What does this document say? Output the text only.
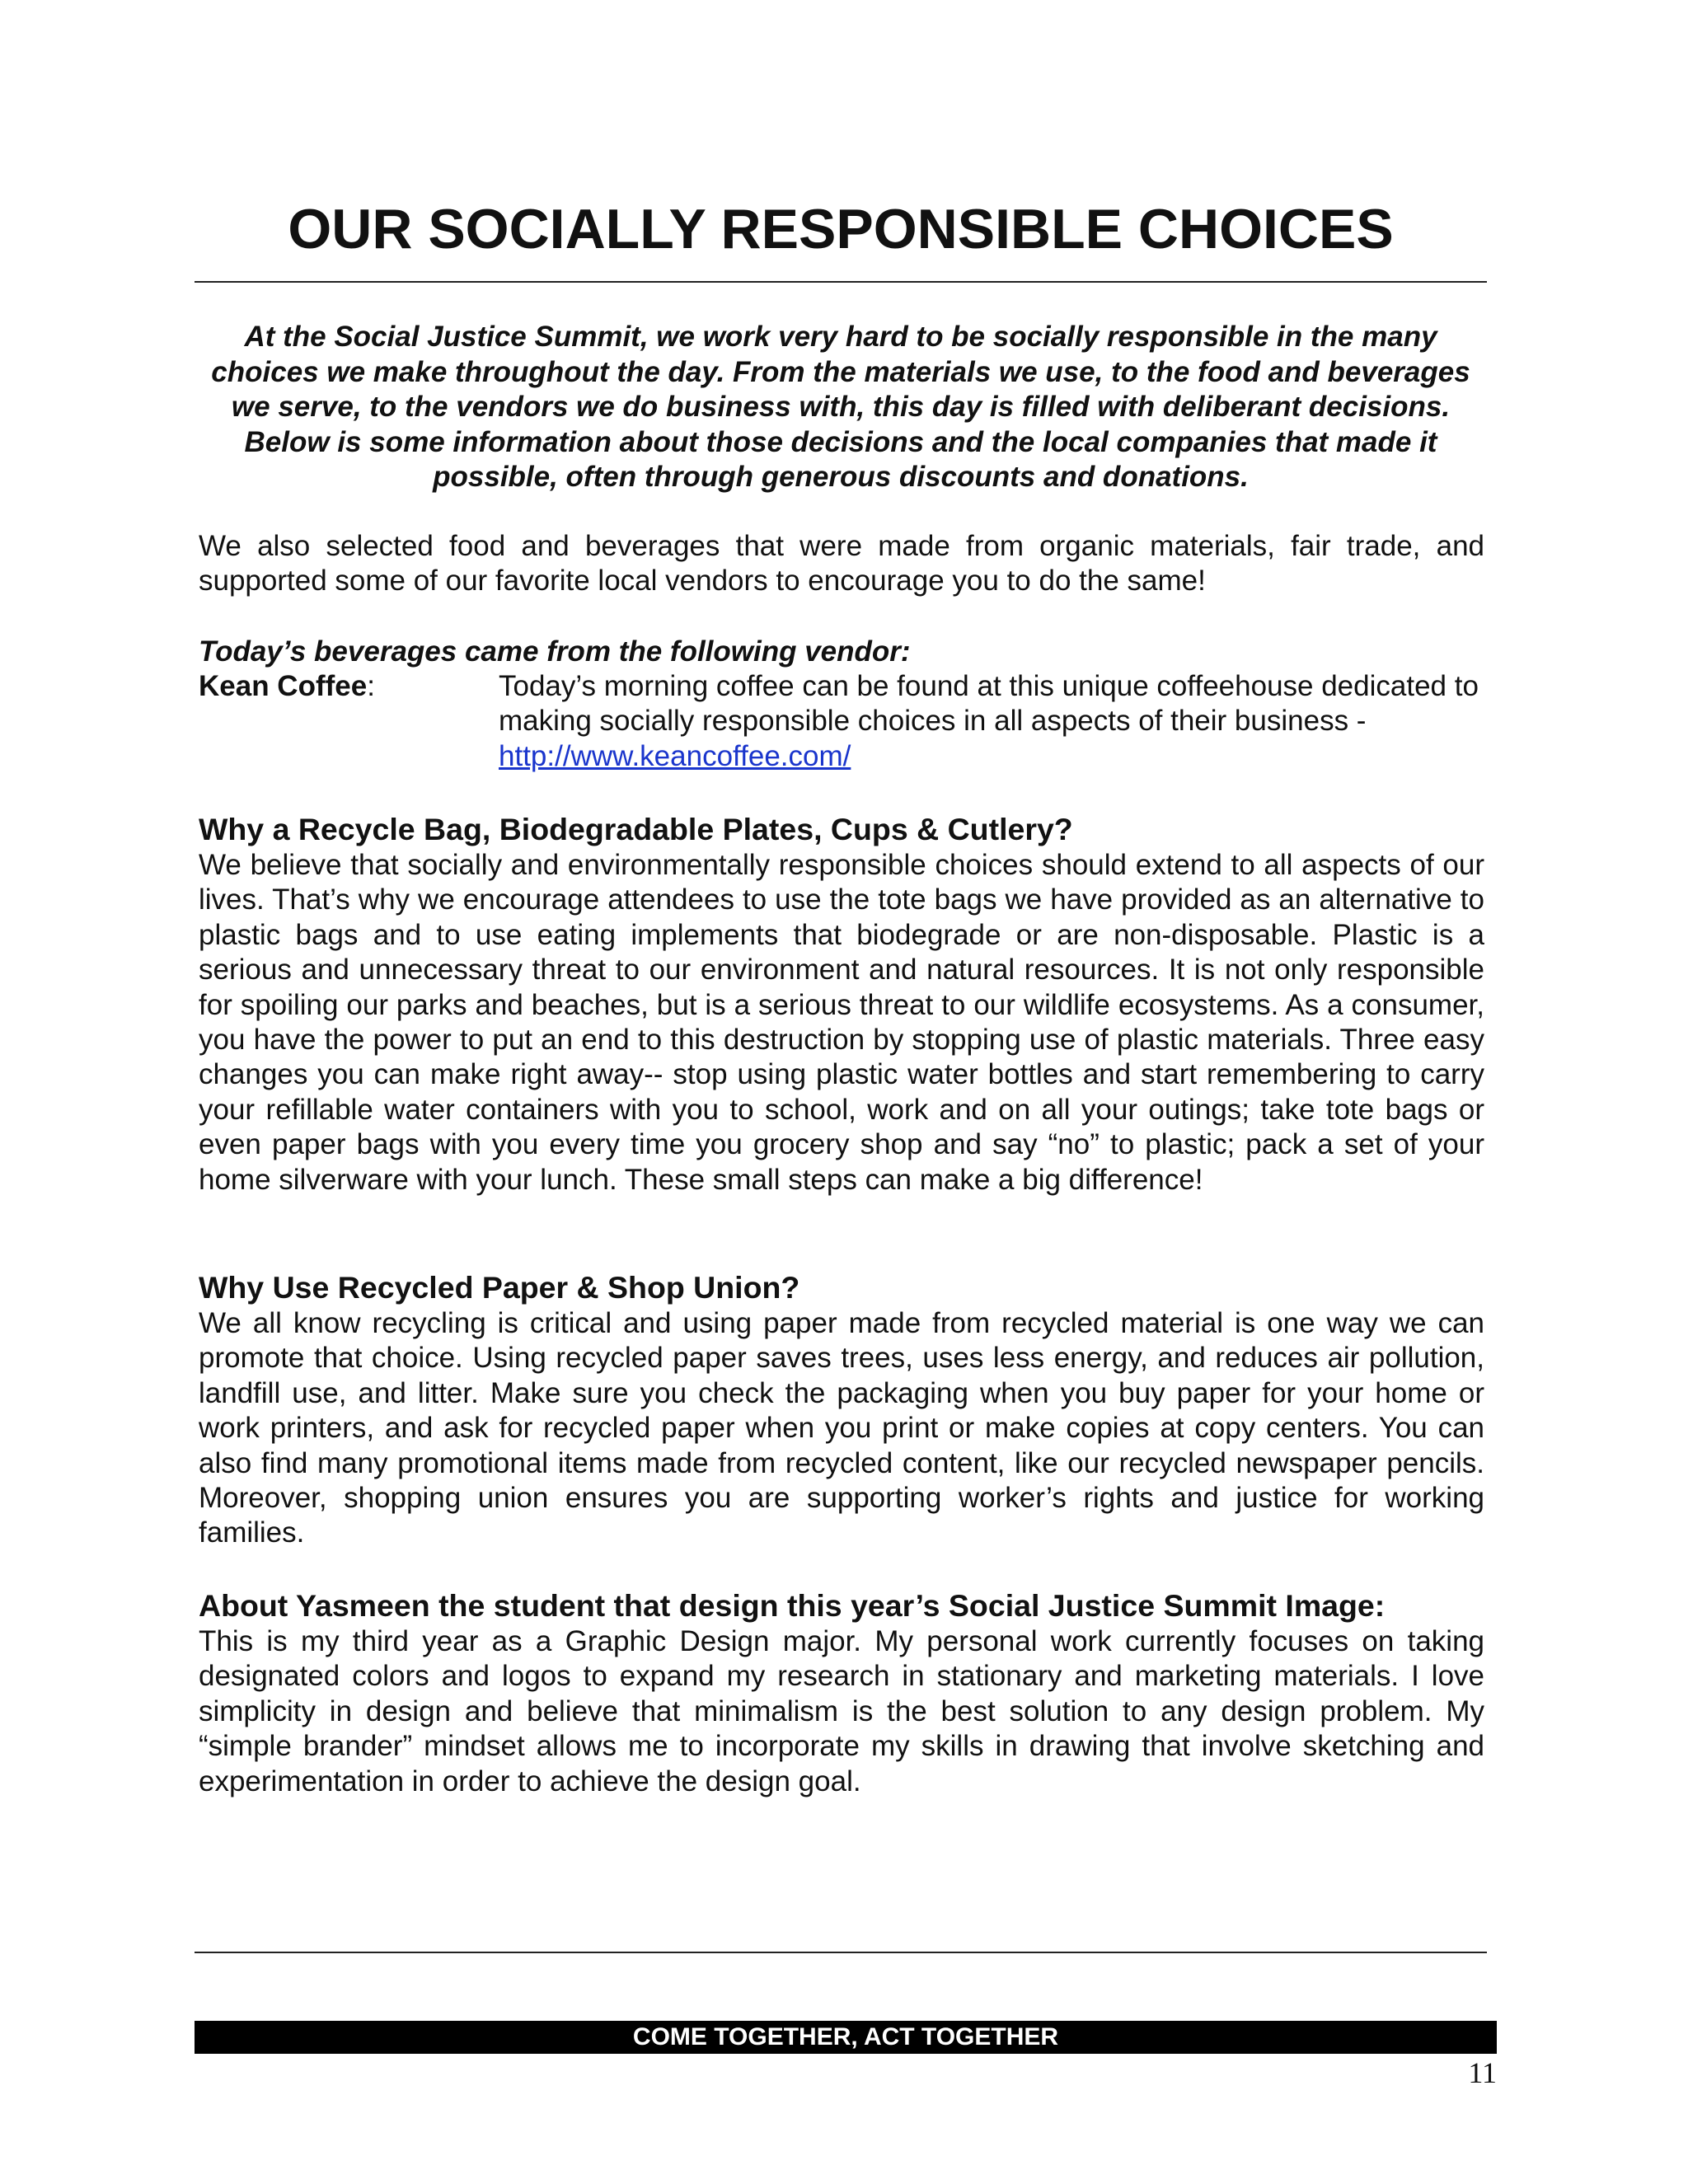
OUR SOCIALLY RESPONSIBLE CHOICES

At the Social Justice Summit, we work very hard to be socially responsible in the many choices we make throughout the day. From the materials we use, to the food and beverages we serve, to the vendors we do business with, this day is filled with deliberant decisions. Below is some information about those decisions and the local companies that made it possible, often through generous discounts and donations.

We also selected food and beverages that were made from organic materials, fair trade, and supported some of our favorite local vendors to encourage you to do the same!

Today’s beverages came from the following vendor:

Kean Coffee:	Today’s morning coffee can be found at this unique coffeehouse dedicated to making socially responsible choices in all aspects of their business - http://www.keancoffee.com/
Why a Recycle Bag, Biodegradable Plates, Cups & Cutlery?

We believe that socially and environmentally responsible choices should extend to all aspects of our lives. That’s why we encourage attendees to use the tote bags we have provided as an alternative to plastic bags and to use eating implements that biodegrade or are non-disposable. Plastic is a serious and unnecessary threat to our environment and natural resources. It is not only responsible for spoiling our parks and beaches, but is a serious threat to our wildlife ecosystems. As a consumer, you have the power to put an end to this destruction by stopping use of plastic materials. Three easy changes you can make right away-- stop using plastic water bottles and start remembering to carry your refillable water containers with you to school, work and on all your outings; take tote bags or even paper bags with you every time you grocery shop and say “no” to plastic; pack a set of your home silverware with your lunch. These small steps can make a big difference!

Why Use Recycled Paper & Shop Union?

We all know recycling is critical and using paper made from recycled material is one way we can promote that choice. Using recycled paper saves trees, uses less energy, and reduces air pollution, landfill use, and litter. Make sure you check the packaging when you buy paper for your home or work printers, and ask for recycled paper when you print or make copies at copy centers. You can also find many promotional items made from recycled content, like our recycled newspaper pencils. Moreover, shopping union ensures you are supporting worker’s rights and justice for working families.

About Yasmeen the student that design this year’s Social Justice Summit Image:

This is my third year as a Graphic Design major. My personal work currently focuses on taking designated colors and logos to expand my research in stationary and marketing materials. I love simplicity in design and believe that minimalism is the best solution to any design problem. My “simple brander” mindset allows me to incorporate my skills in drawing that involve sketching and experimentation in order to achieve the design goal.

COME TOGETHER, ACT TOGETHER
11
